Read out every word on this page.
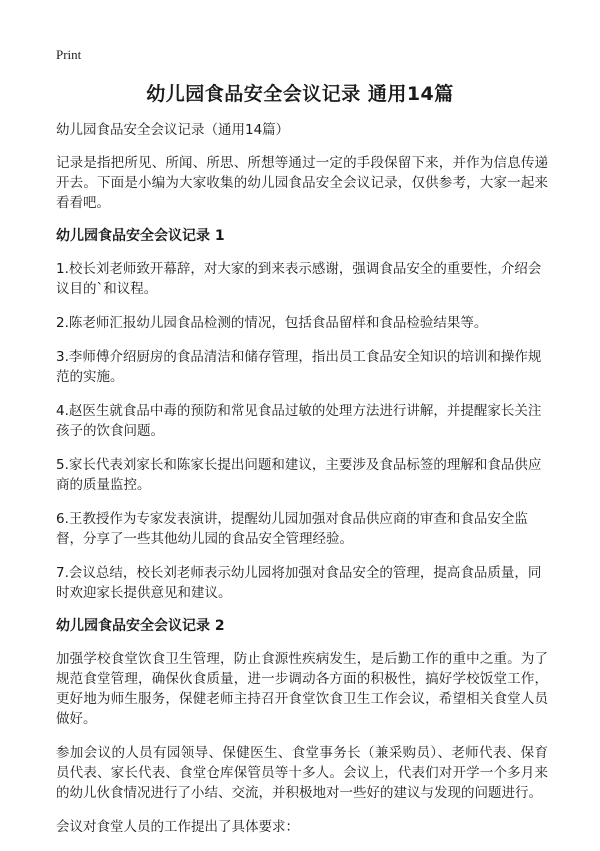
Print
幼儿园食品安全会议记录 通用14篇
幼儿园食品安全会议记录（通用14篇）

记录是指把所见、所闻、所思、所想等通过一定的手段保留下来，并作为信息传递开去。下面是小编为大家收集的幼儿园食品安全会议记录，仅供参考，大家一起来看看吧。

幼儿园食品安全会议记录 1
1.校长刘老师致开幕辞，对大家的到来表示感谢，强调食品安全的重要性，介绍会议目的`和议程。
2.陈老师汇报幼儿园食品检测的情况，包括食品留样和食品检验结果等。
3.李师傅介绍厨房的食品清洁和储存管理，指出员工食品安全知识的培训和操作规范的实施。
4.赵医生就食品中毒的预防和常见食品过敏的处理方法进行讲解，并提醒家长关注孩子的饮食问题。
5.家长代表刘家长和陈家长提出问题和建议，主要涉及食品标签的理解和食品供应商的质量监控。
6.王教授作为专家发表演讲，提醒幼儿园加强对食品供应商的审查和食品安全监督，分享了一些其他幼儿园的食品安全管理经验。
7.会议总结，校长刘老师表示幼儿园将加强对食品安全的管理，提高食品质量，同时欢迎家长提供意见和建议。
幼儿园食品安全会议记录 2

加强学校食堂饮食卫生管理，防止食源性疾病发生，是后勤工作的重中之重。为了规范食堂管理，确保伙食质量，进一步调动各方面的积极性，搞好学校饭堂工作，更好地为师生服务，保健老师主持召开食堂饮食卫生工作会议，希望相关食堂人员做好。

参加会议的人员有园领导、保健医生、食堂事务长（兼采购员）、老师代表、保育员代表、家长代表、食堂仓库保管员等十多人。会议上，代表们对开学一个多月来的幼儿伙食情况进行了小结、交流，并积极地对一些好的建议与发现的问题进行。

会议对食堂人员的工作提出了具体要求：
